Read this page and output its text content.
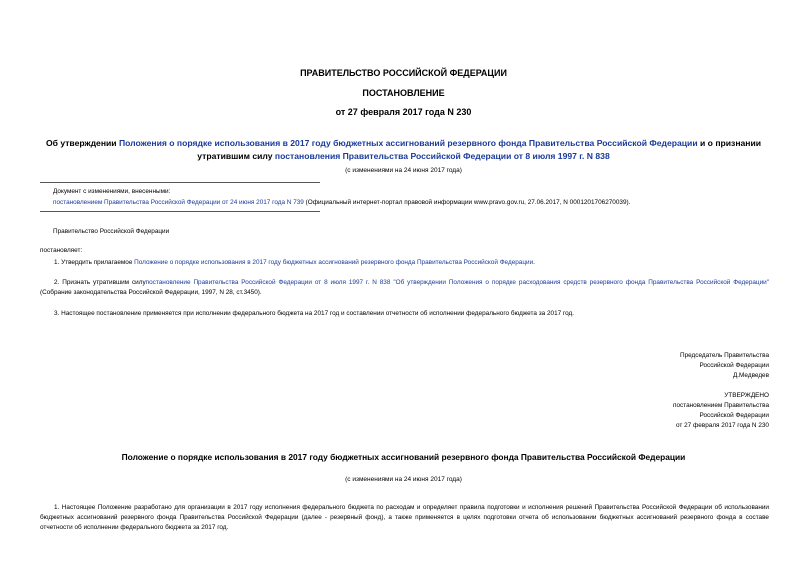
ПРАВИТЕЛЬСТВО РОССИЙСКОЙ ФЕДЕРАЦИИ
ПОСТАНОВЛЕНИЕ
от 27 февраля 2017 года N 230
Об утверждении Положения о порядке использования в 2017 году бюджетных ассигнований резервного фонда Правительства Российской Федерации и о признании утратившим силу постановления Правительства Российской Федерации от 8 июля 1997 г. N 838
(с изменениями на 24 июня 2017 года)
Документ с изменениями, внесенными:
постановлением Правительства Российской Федерации от 24 июня 2017 года N 739 (Официальный интернет-портал правовой информации www.pravo.gov.ru, 27.06.2017, N 0001201706270039).
Правительство Российской Федерации
постановляет:
1. Утвердить прилагаемое Положение о порядке использования в 2017 году бюджетных ассигнований резервного фонда Правительства Российской Федерации.
2. Признать утратившим силупостановление Правительства Российской Федерации от 8 июля 1997 г. N 838 "Об утверждении Положения о порядке расходования средств резервного фонда Правительства Российской Федерации" (Собрание законодательства Российской Федерации, 1997, N 28, ст.3450).
3. Настоящее постановление применяется при исполнении федерального бюджета на 2017 год и составлении отчетности об исполнении федерального бюджета за 2017 год.
Председатель Правительства
Российской Федерации
Д.Медведев
УТВЕРЖДЕНО
постановлением Правительства
Российской Федерации
от 27 февраля 2017 года N 230
Положение о порядке использования в 2017 году бюджетных ассигнований резервного фонда Правительства Российской Федерации
(с изменениями на 24 июня 2017 года)
1. Настоящее Положение разработано для организации в 2017 году исполнения федерального бюджета по расходам и определяет правила подготовки и исполнения решений Правительства Российской Федерации об использовании бюджетных ассигнований резервного фонда Правительства Российской Федерации (далее - резервный фонд), а также применяется в целях подготовки отчета об использовании бюджетных ассигнований резервного фонда в составе отчетности об исполнении федерального бюджета за 2017 год.
